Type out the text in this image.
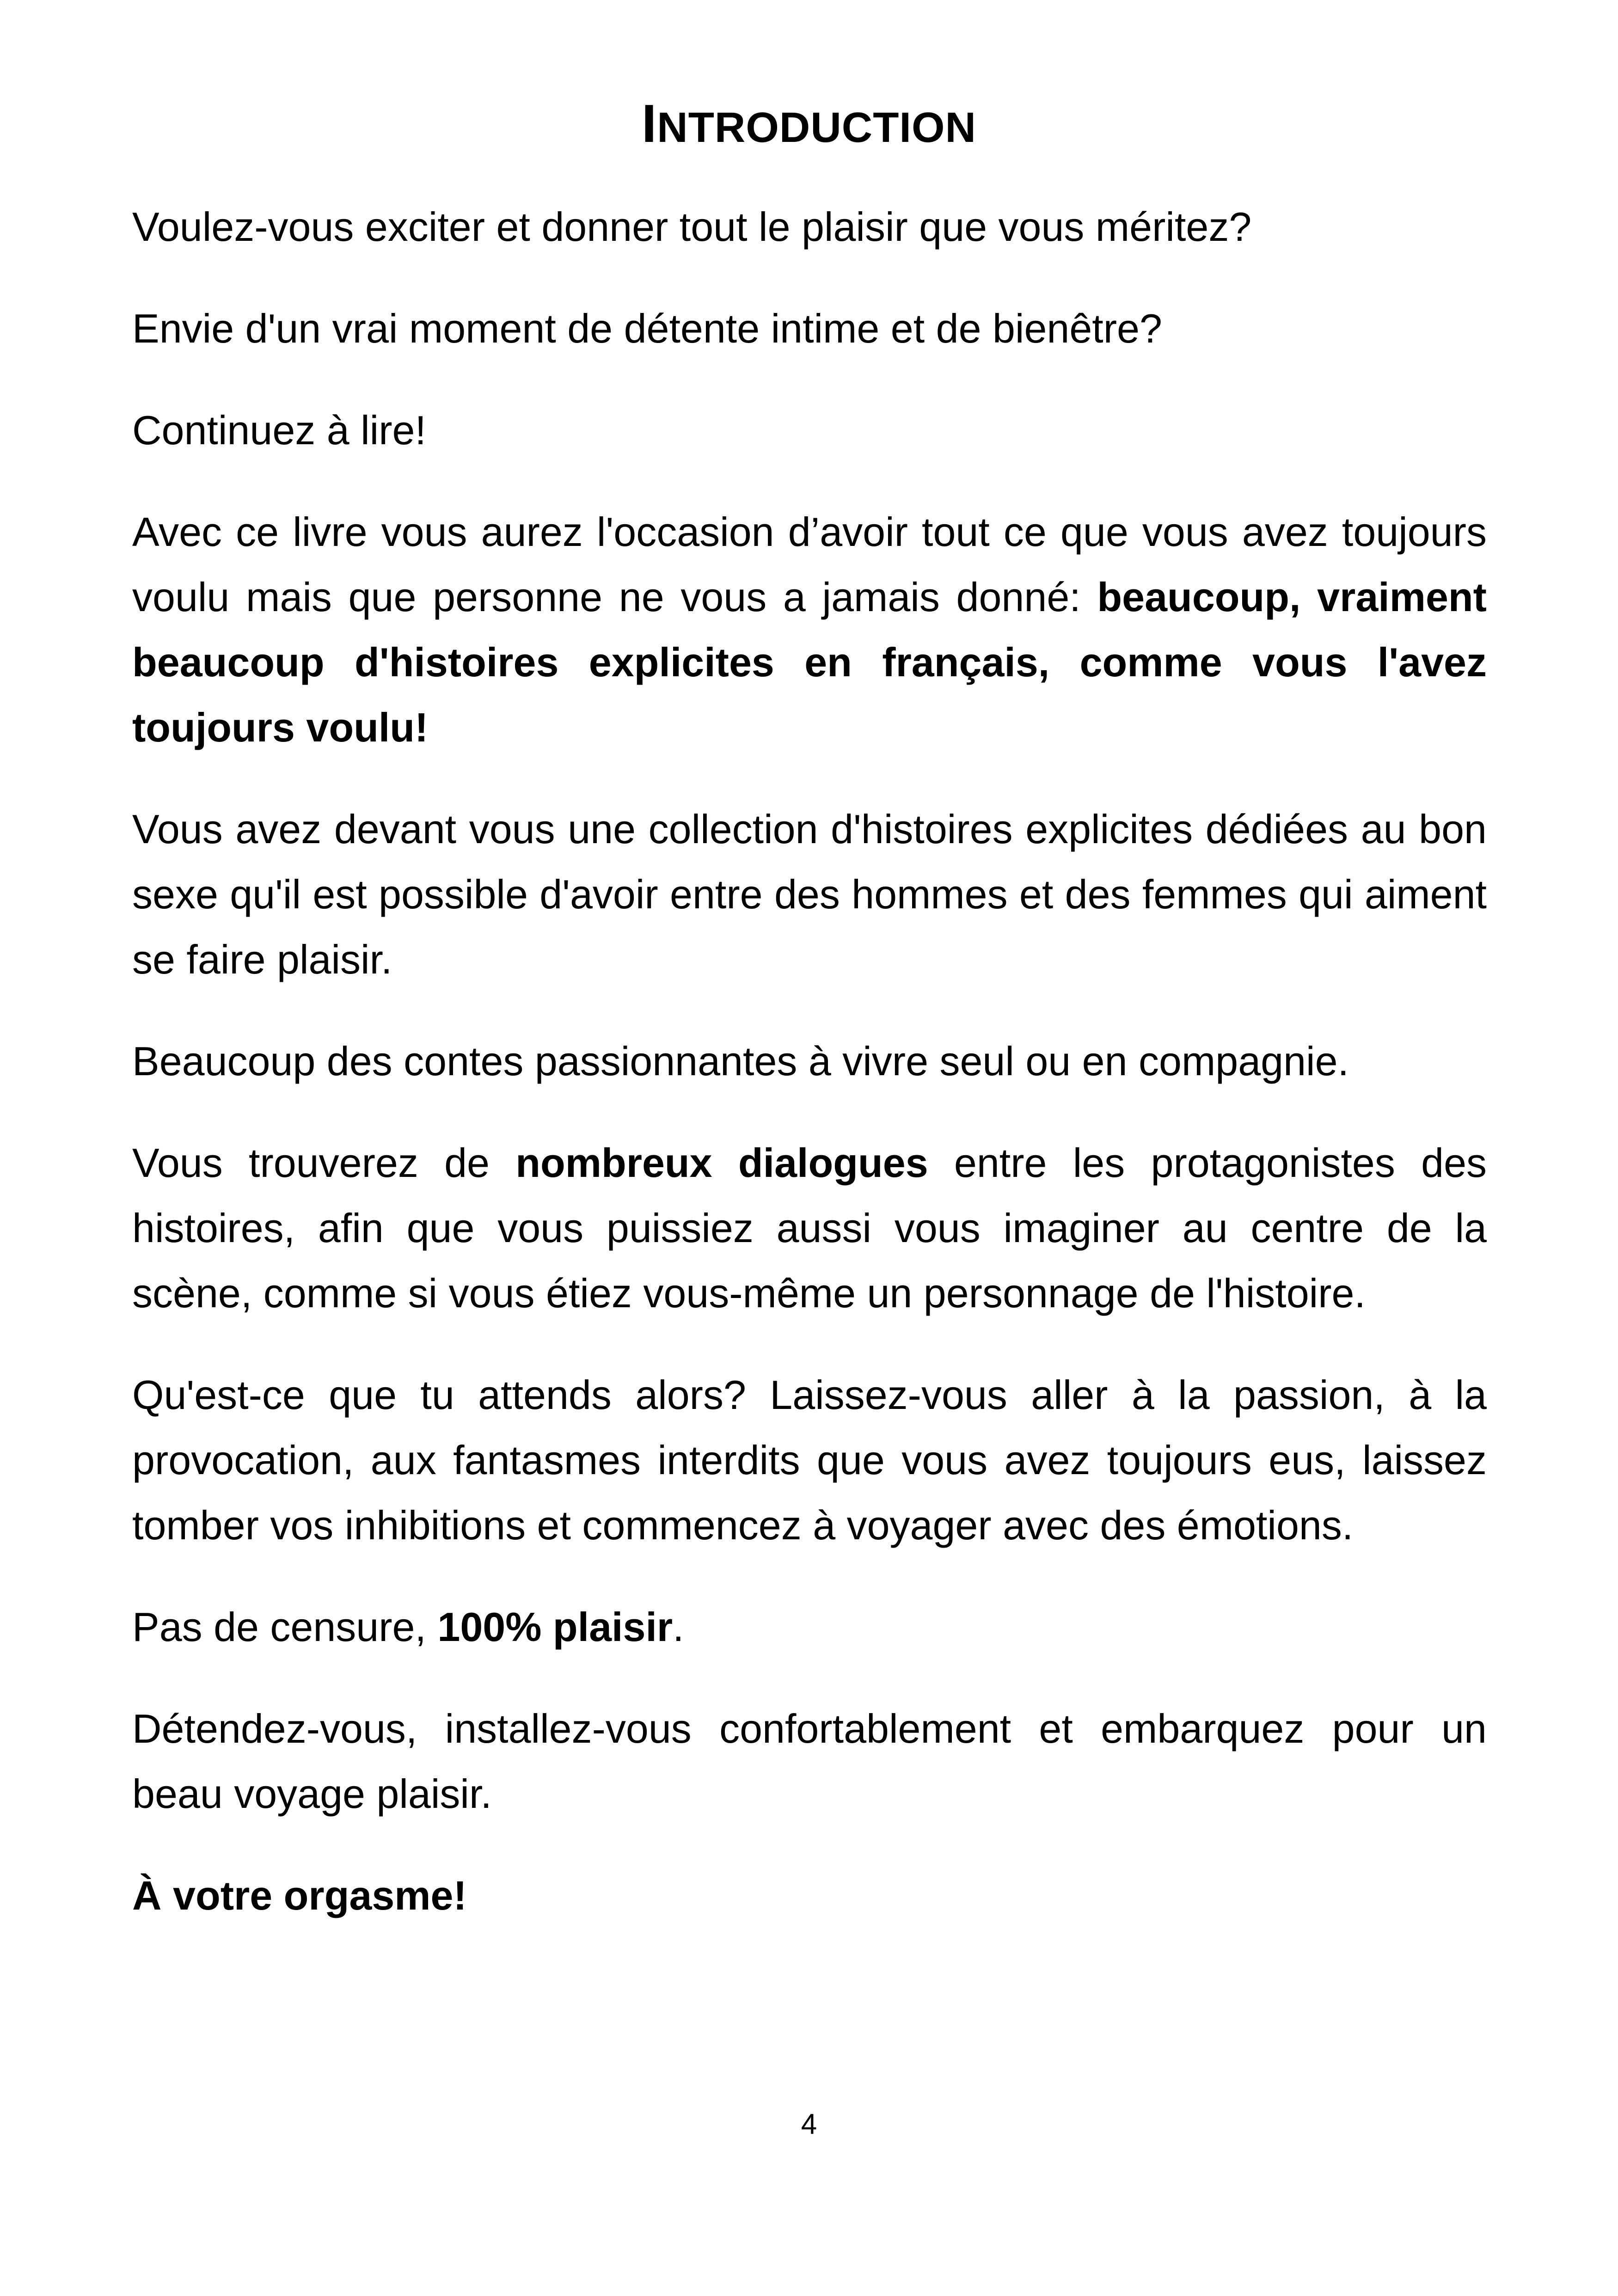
INTRODUCTION

Voulez-vous exciter et donner tout le plaisir que vous méritez?

Envie d'un vrai moment de détente intime et de bienêtre?

Continuez à lire!

Avec ce livre vous aurez l'occasion d’avoir tout ce que vous avez toujours voulu mais que personne ne vous a jamais donné: beaucoup, vraiment beaucoup d'histoires explicites en français, comme vous l'avez toujours voulu!

Vous avez devant vous une collection d'histoires explicites dédiées au bon sexe qu'il est possible d'avoir entre des hommes et des femmes qui aiment se faire plaisir.

Beaucoup des contes passionnantes à vivre seul ou en compagnie.

Vous trouverez de nombreux dialogues entre les protagonistes des histoires, afin que vous puissiez aussi vous imaginer au centre de la scène, comme si vous étiez vous-même un personnage de l'histoire.

Qu'est-ce que tu attends alors? Laissez-vous aller à la passion, à la provocation, aux fantasmes interdits que vous avez toujours eus, laissez tomber vos inhibitions et commencez à voyager avec des émotions.

Pas de censure, 100% plaisir.

Détendez-vous, installez-vous confortablement et embarquez pour un beau voyage plaisir.

À votre orgasme!

4
